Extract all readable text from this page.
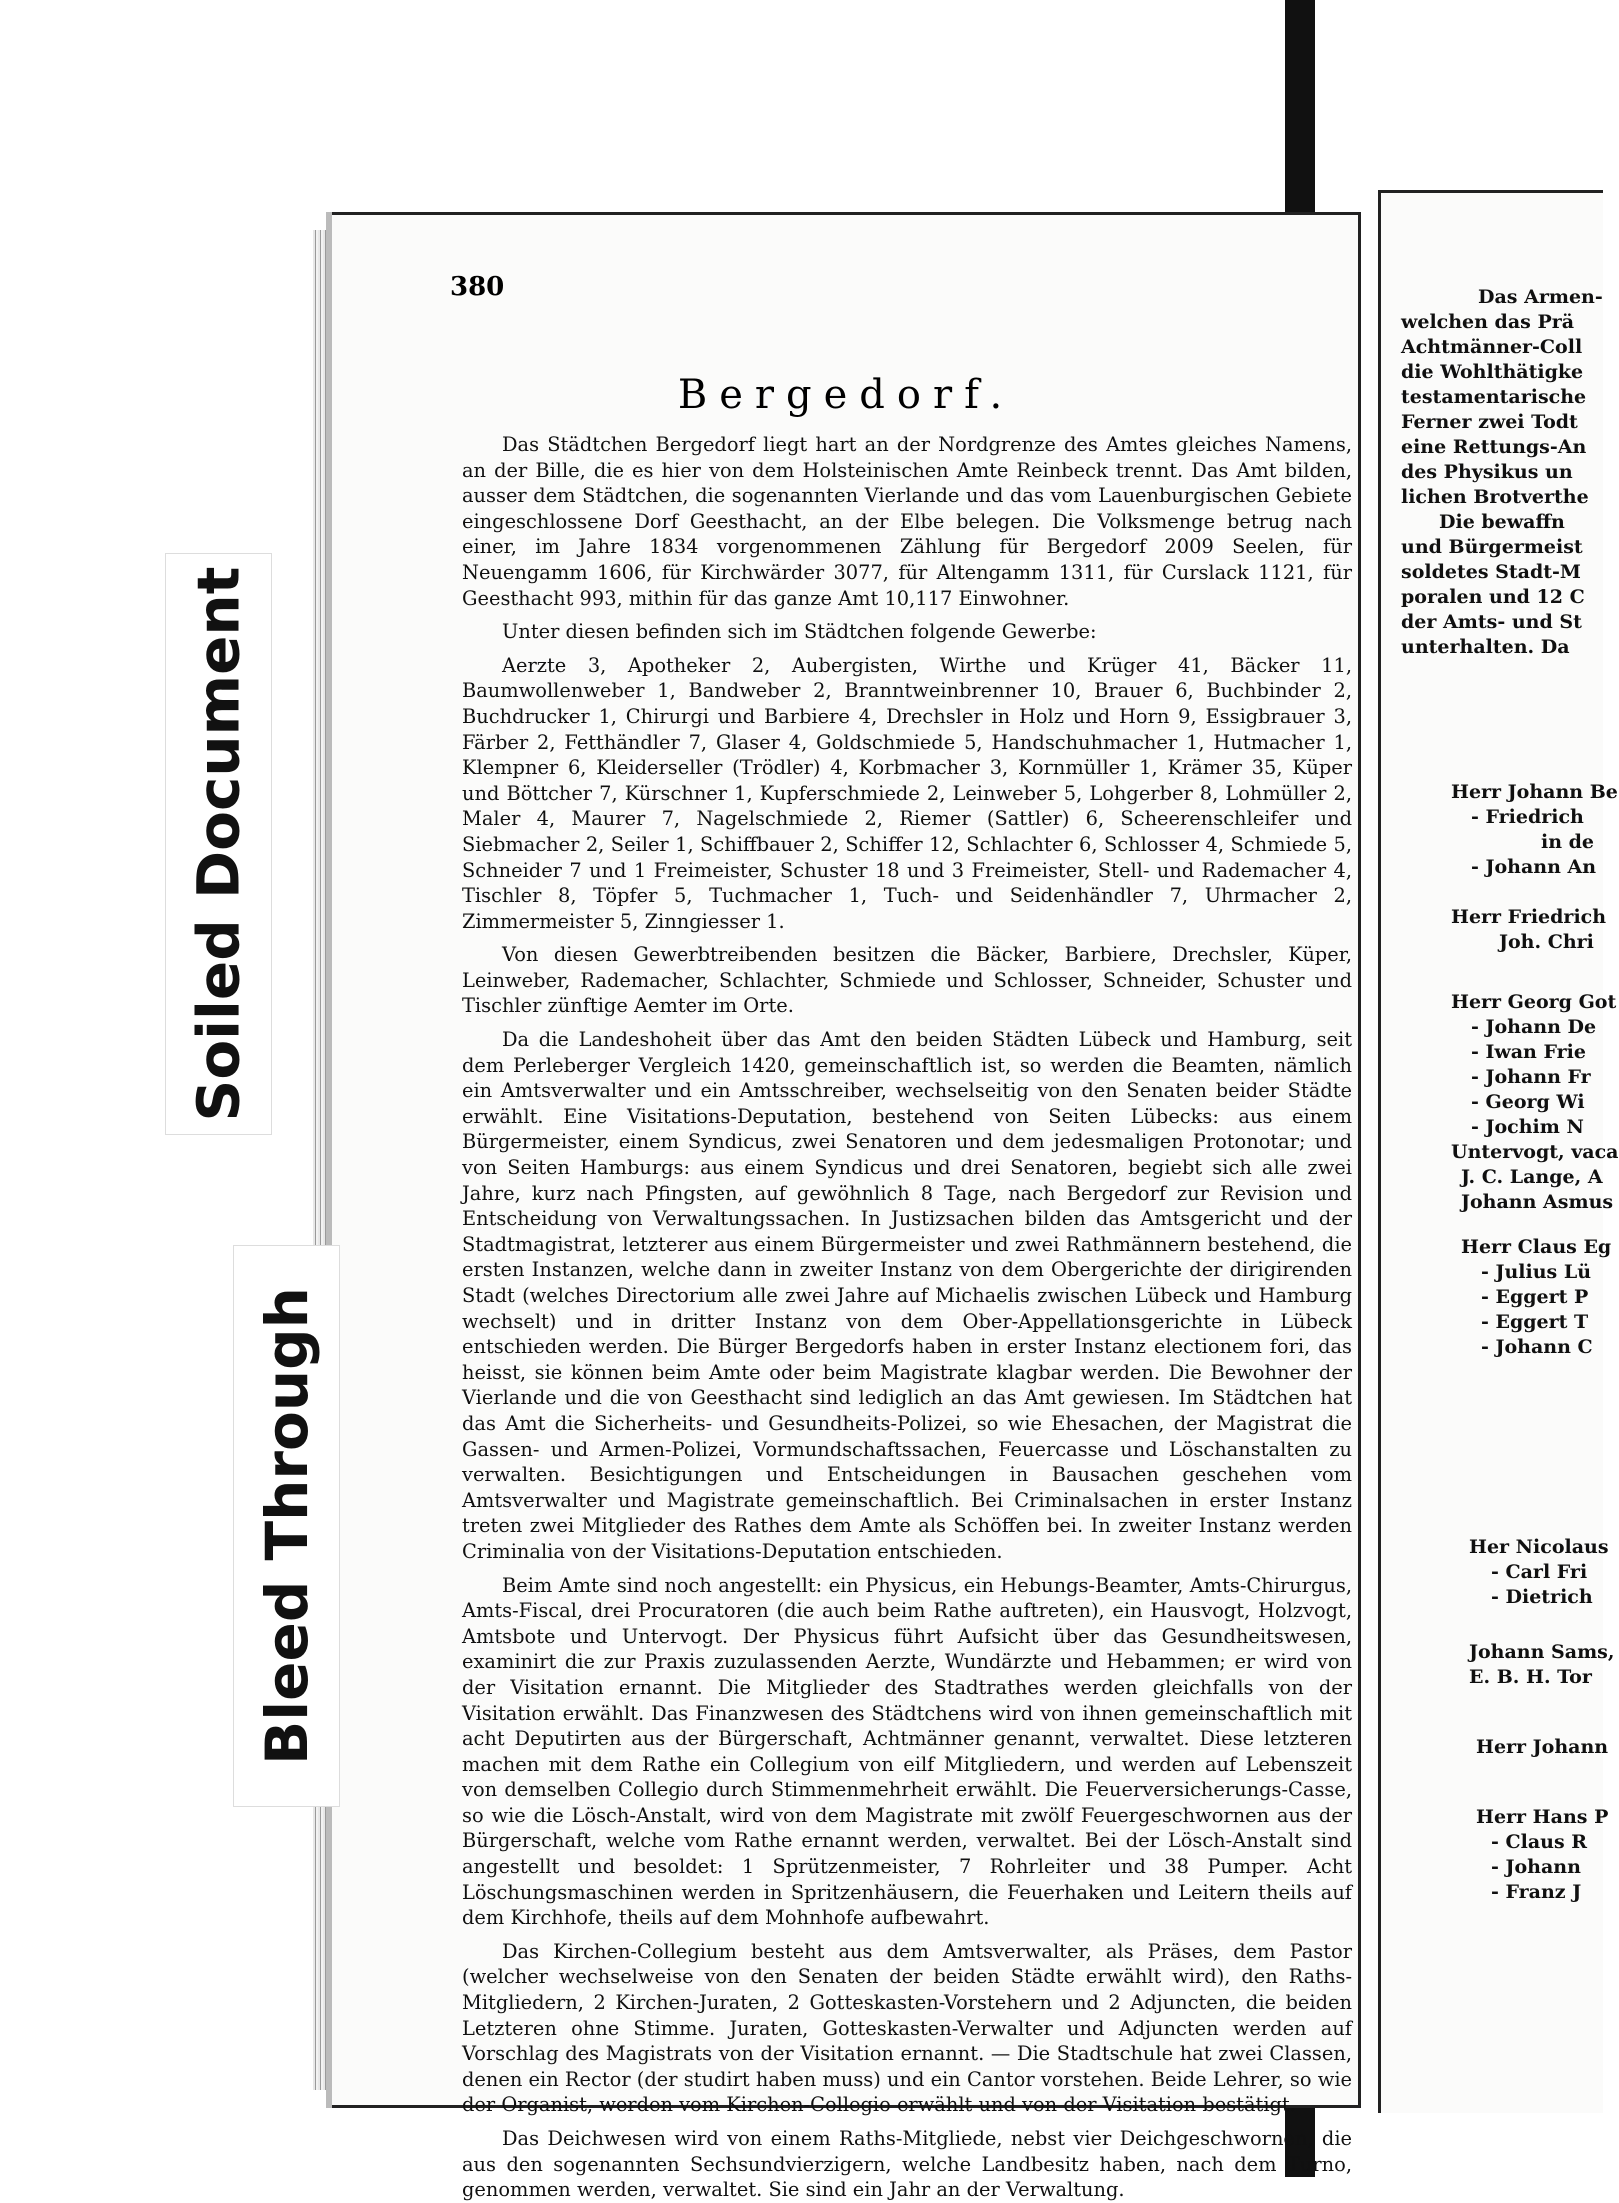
380
Bergedorf.

Das Städtchen Bergedorf liegt hart an der Nordgrenze des Amtes gleiches Namens, an der Bille, die es hier von dem Holsteinischen Amte Reinbeck trennt. Das Amt bilden, ausser dem Städtchen, die sogenannten Vierlande und das vom Lauenburgischen Gebiete eingeschlossene Dorf Geesthacht, an der Elbe belegen. Die Volksmenge betrug nach einer, im Jahre 1834 vorgenommenen Zählung für Bergedorf 2009 Seelen, für Neuengamm 1606, für Kirchwärder 3077, für Altengamm 1311, für Curslack 1121, für Geesthacht 993, mithin für das ganze Amt 10,117 Einwohner.

Unter diesen befinden sich im Städtchen folgende Gewerbe:

Aerzte 3, Apotheker 2, Aubergisten, Wirthe und Krüger 41, Bäcker 11, Baumwollenweber 1, Bandweber 2, Branntweinbrenner 10, Brauer 6, Buchbinder 2, Buchdrucker 1, Chirurgi und Barbiere 4, Drechsler in Holz und Horn 9, Essigbrauer 3, Färber 2, Fetthändler 7, Glaser 4, Goldschmiede 5, Handschuhmacher 1, Hutmacher 1, Klempner 6, Kleiderseller (Trödler) 4, Korbmacher 3, Kornmüller 1, Krämer 35, Küper und Böttcher 7, Kürschner 1, Kupferschmiede 2, Leinweber 5, Lohgerber 8, Lohmüller 2, Maler 4, Maurer 7, Nagelschmiede 2, Riemer (Sattler) 6, Scheerenschleifer und Siebmacher 2, Seiler 1, Schiffbauer 2, Schiffer 12, Schlachter 6, Schlosser 4, Schmiede 5, Schneider 7 und 1 Freimeister, Schuster 18 und 3 Freimeister, Stell- und Rademacher 4, Tischler 8, Töpfer 5, Tuchmacher 1, Tuch- und Seidenhändler 7, Uhrmacher 2, Zimmermeister 5, Zinngiesser 1.

Von diesen Gewerbtreibenden besitzen die Bäcker, Barbiere, Drechsler, Küper, Leinweber, Rademacher, Schlachter, Schmiede und Schlosser, Schneider, Schuster und Tischler zünftige Aemter im Orte.

Da die Landeshoheit über das Amt den beiden Städten Lübeck und Hamburg, seit dem Perleberger Vergleich 1420, gemeinschaftlich ist, so werden die Beamten, nämlich ein Amtsverwalter und ein Amtsschreiber, wechselseitig von den Senaten beider Städte erwählt. Eine Visitations-Deputation, bestehend von Seiten Lübecks: aus einem Bürgermeister, einem Syndicus, zwei Senatoren und dem jedesmaligen Protonotar; und von Seiten Hamburgs: aus einem Syndicus und drei Senatoren, begiebt sich alle zwei Jahre, kurz nach Pfingsten, auf gewöhnlich 8 Tage, nach Bergedorf zur Revision und Entscheidung von Verwaltungssachen. In Justizsachen bilden das Amtsgericht und der Stadtmagistrat, letzterer aus einem Bürgermeister und zwei Rathmännern bestehend, die ersten Instanzen, welche dann in zweiter Instanz von dem Obergerichte der dirigirenden Stadt (welches Directorium alle zwei Jahre auf Michaelis zwischen Lübeck und Hamburg wechselt) und in dritter Instanz von dem Ober-Appellationsgerichte in Lübeck entschieden werden. Die Bürger Bergedorfs haben in erster Instanz electionem fori, das heisst, sie können beim Amte oder beim Magistrate klagbar werden. Die Bewohner der Vierlande und die von Geesthacht sind lediglich an das Amt gewiesen. Im Städtchen hat das Amt die Sicherheits- und Gesundheits-Polizei, so wie Ehesachen, der Magistrat die Gassen- und Armen-Polizei, Vormundschaftssachen, Feuercasse und Löschanstalten zu verwalten. Besichtigungen und Entscheidungen in Bausachen geschehen vom Amtsverwalter und Magistrate gemeinschaftlich. Bei Criminalsachen in erster Instanz treten zwei Mitglieder des Rathes dem Amte als Schöffen bei. In zweiter Instanz werden Criminalia von der Visitations-Deputation entschieden.

Beim Amte sind noch angestellt: ein Physicus, ein Hebungs-Beamter, Amts-Chirurgus, Amts-Fiscal, drei Procuratoren (die auch beim Rathe auftreten), ein Hausvogt, Holzvogt, Amtsbote und Untervogt. Der Physicus führt Aufsicht über das Gesundheitswesen, examinirt die zur Praxis zuzulassenden Aerzte, Wundärzte und Hebammen; er wird von der Visitation ernannt. Die Mitglieder des Stadtrathes werden gleichfalls von der Visitation erwählt. Das Finanzwesen des Städtchens wird von ihnen gemeinschaftlich mit acht Deputirten aus der Bürgerschaft, Achtmänner genannt, verwaltet. Diese letzteren machen mit dem Rathe ein Collegium von eilf Mitgliedern, und werden auf Lebenszeit von demselben Collegio durch Stimmenmehrheit erwählt. Die Feuerversicherungs-Casse, so wie die Lösch-Anstalt, wird von dem Magistrate mit zwölf Feuergeschwornen aus der Bürgerschaft, welche vom Rathe ernannt werden, verwaltet. Bei der Lösch-Anstalt sind angestellt und besoldet: 1 Sprützenmeister, 7 Rohrleiter und 38 Pumper. Acht Löschungsmaschinen werden in Spritzenhäusern, die Feuerhaken und Leitern theils auf dem Kirchhofe, theils auf dem Mohnhofe aufbewahrt.

Das Kirchen-Collegium besteht aus dem Amtsverwalter, als Präses, dem Pastor (welcher wechselweise von den Senaten der beiden Städte erwählt wird), den Raths-Mitgliedern, 2 Kirchen-Juraten, 2 Gotteskasten-Vorstehern und 2 Adjuncten, die beiden Letzteren ohne Stimme. Juraten, Gotteskasten-Verwalter und Adjuncten werden auf Vorschlag des Magistrats von der Visitation ernannt. — Die Stadtschule hat zwei Classen, denen ein Rector (der studirt haben muss) und ein Cantor vorstehen. Beide Lehrer, so wie der Organist, werden vom Kirchen-Collegio erwählt und von der Visitation bestätigt.

Das Deichwesen wird von einem Raths-Mitgliede, nebst vier Deichgeschwornen, die aus den sogenannten Sechsundvierzigern, welche Landbesitz haben, nach dem Turno, genommen werden, verwaltet. Sie sind ein Jahr an der Verwaltung.

Das Armen-
welchen das Prä
Achtmänner-Coll
die Wohlthätigke
testamentarische
Ferner zwei Todt
eine Rettungs-An
des Physikus un
lichen Brotverthe
Die bewaffn
und Bürgermeist
soldetes Stadt-M
poralen und 12 C
der Amts- und St
unterhalten. Da
Herr Johann Be
- Friedrich
in de
- Johann An
Herr Friedrich
Joh. Chri
Herr Georg Got
- Johann De
- Iwan Frie
- Johann Fr
- Georg Wi
- Jochim N
Untervogt, vaca
J. C. Lange, A
Johann Asmus
Herr Claus Eg
- Julius Lü
- Eggert P
- Eggert T
- Johann C
Her Nicolaus
- Carl Fri
- Dietrich
Johann Sams,
E. B. H. Tor
Herr Johann
Herr Hans P
- Claus R
- Johann
- Franz J
Soiled Document
Bleed Through
